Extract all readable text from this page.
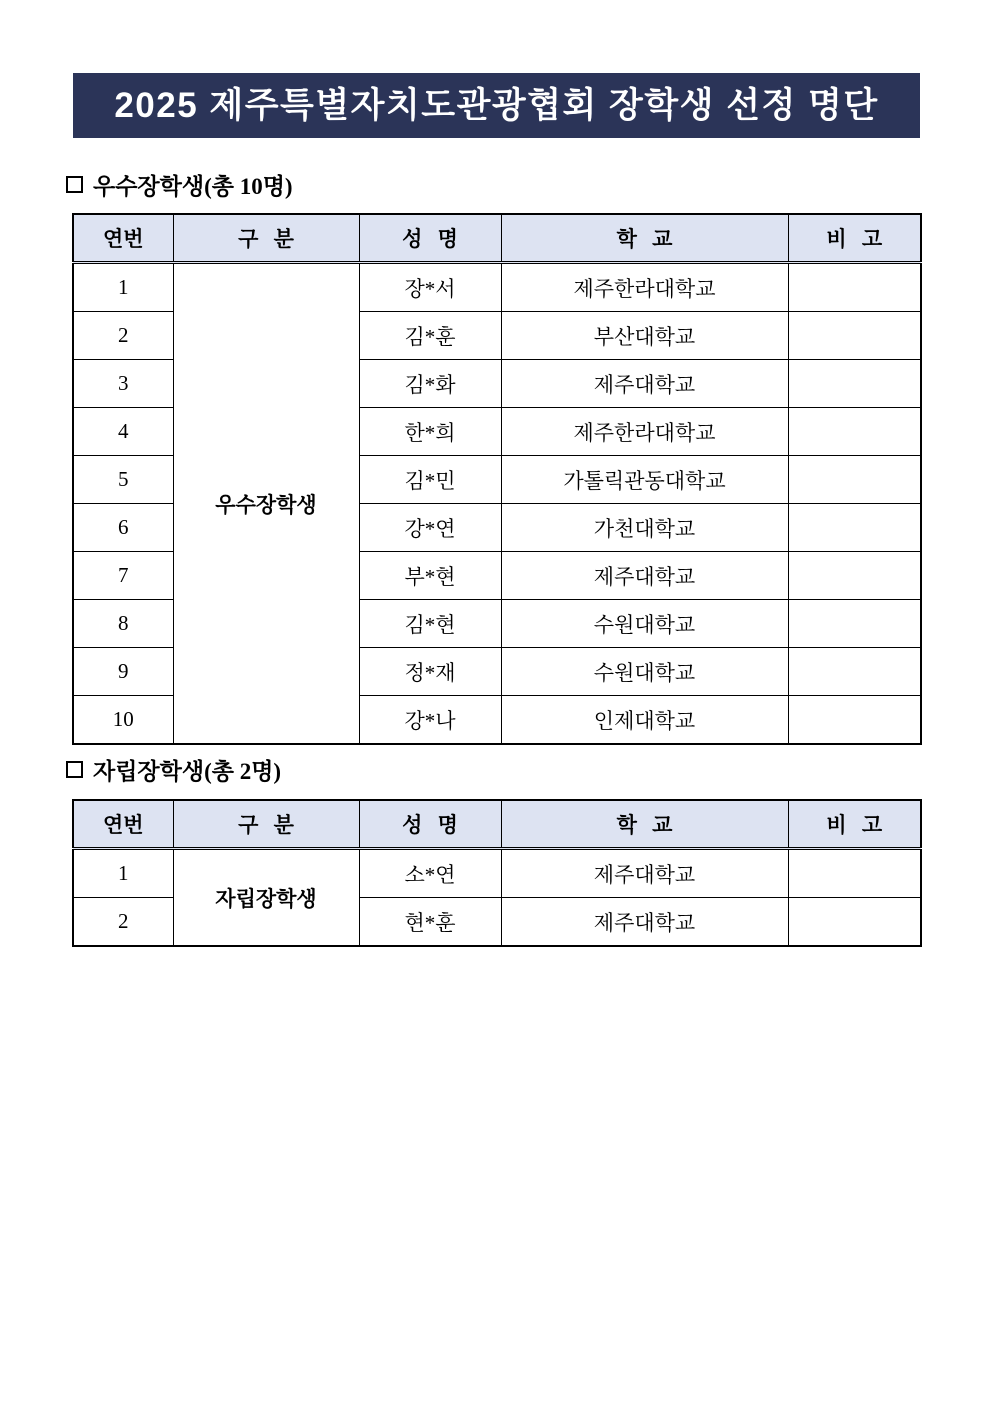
2025 제주특별자치도관광협회 장학생 선정 명단
우수장학생(총 10명)
연번	구 분	성 명	학 교	비 고
1	우수장학생	장*서	제주한라대학교	
2		김*훈	부산대학교	
3		김*화	제주대학교	
4		한*희	제주한라대학교	
5		김*민	가톨릭관동대학교	
6		강*연	가천대학교	
7		부*현	제주대학교	
8		김*현	수원대학교	
9		정*재	수원대학교	
10		강*나	인제대학교	
자립장학생(총 2명)
연번	구 분	성 명	학 교	비 고
1	자립장학생	소*연	제주대학교	
2		현*훈	제주대학교	
